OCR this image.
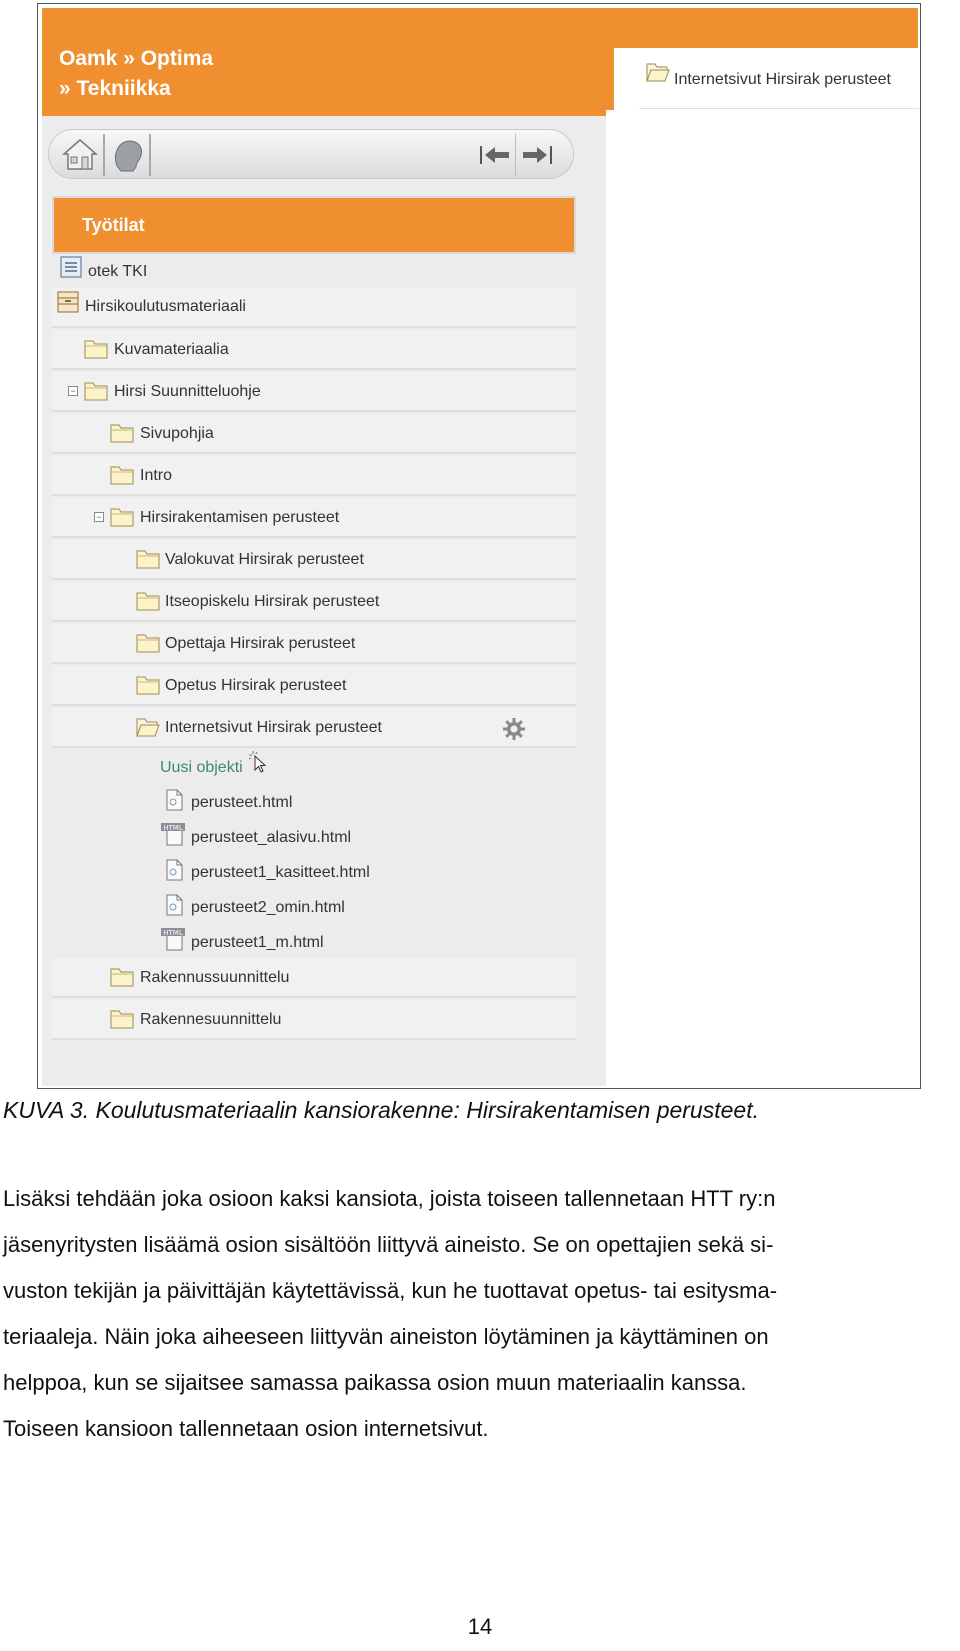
Oamk » Optima
» Tekniikka
Työtilat
otek TKI
Hirsikoulutusmateriaali
Kuvamateriaalia
− Hirsi Suunnitteluohje
Sivupohjia
Intro
− Hirsirakentamisen perusteet
Valokuvat Hirsirak perusteet
Itseopiskelu Hirsirak perusteet
Opettaja Hirsirak perusteet
Opetus Hirsirak perusteet
Internetsivut Hirsirak perusteet
Uusi objekti
perusteet.html
HTML
perusteet_alasivu.html
perusteet1_kasitteet.html
perusteet2_omin.html
HTML
perusteet1_m.html
Rakennussuunnittelu
Rakennesuunnittelu
Internetsivut Hirsirak perusteet
KUVA 3. Koulutusmateriaalin kansiorakenne: Hirsirakentamisen perusteet.
Lisäksi tehdään joka osioon kaksi kansiota, joista toiseen tallennetaan HTT ry:n
jäsenyritysten lisäämä osion sisältöön liittyvä aineisto. Se on opettajien sekä si-
vuston tekijän ja päivittäjän käytettävissä, kun he tuottavat opetus- tai esitysma-
teriaaleja. Näin joka aiheeseen liittyvän aineiston löytäminen ja käyttäminen on
helppoa, kun se sijaitsee samassa paikassa osion muun materiaalin kanssa.
Toiseen kansioon tallennetaan osion internetsivut.
14
